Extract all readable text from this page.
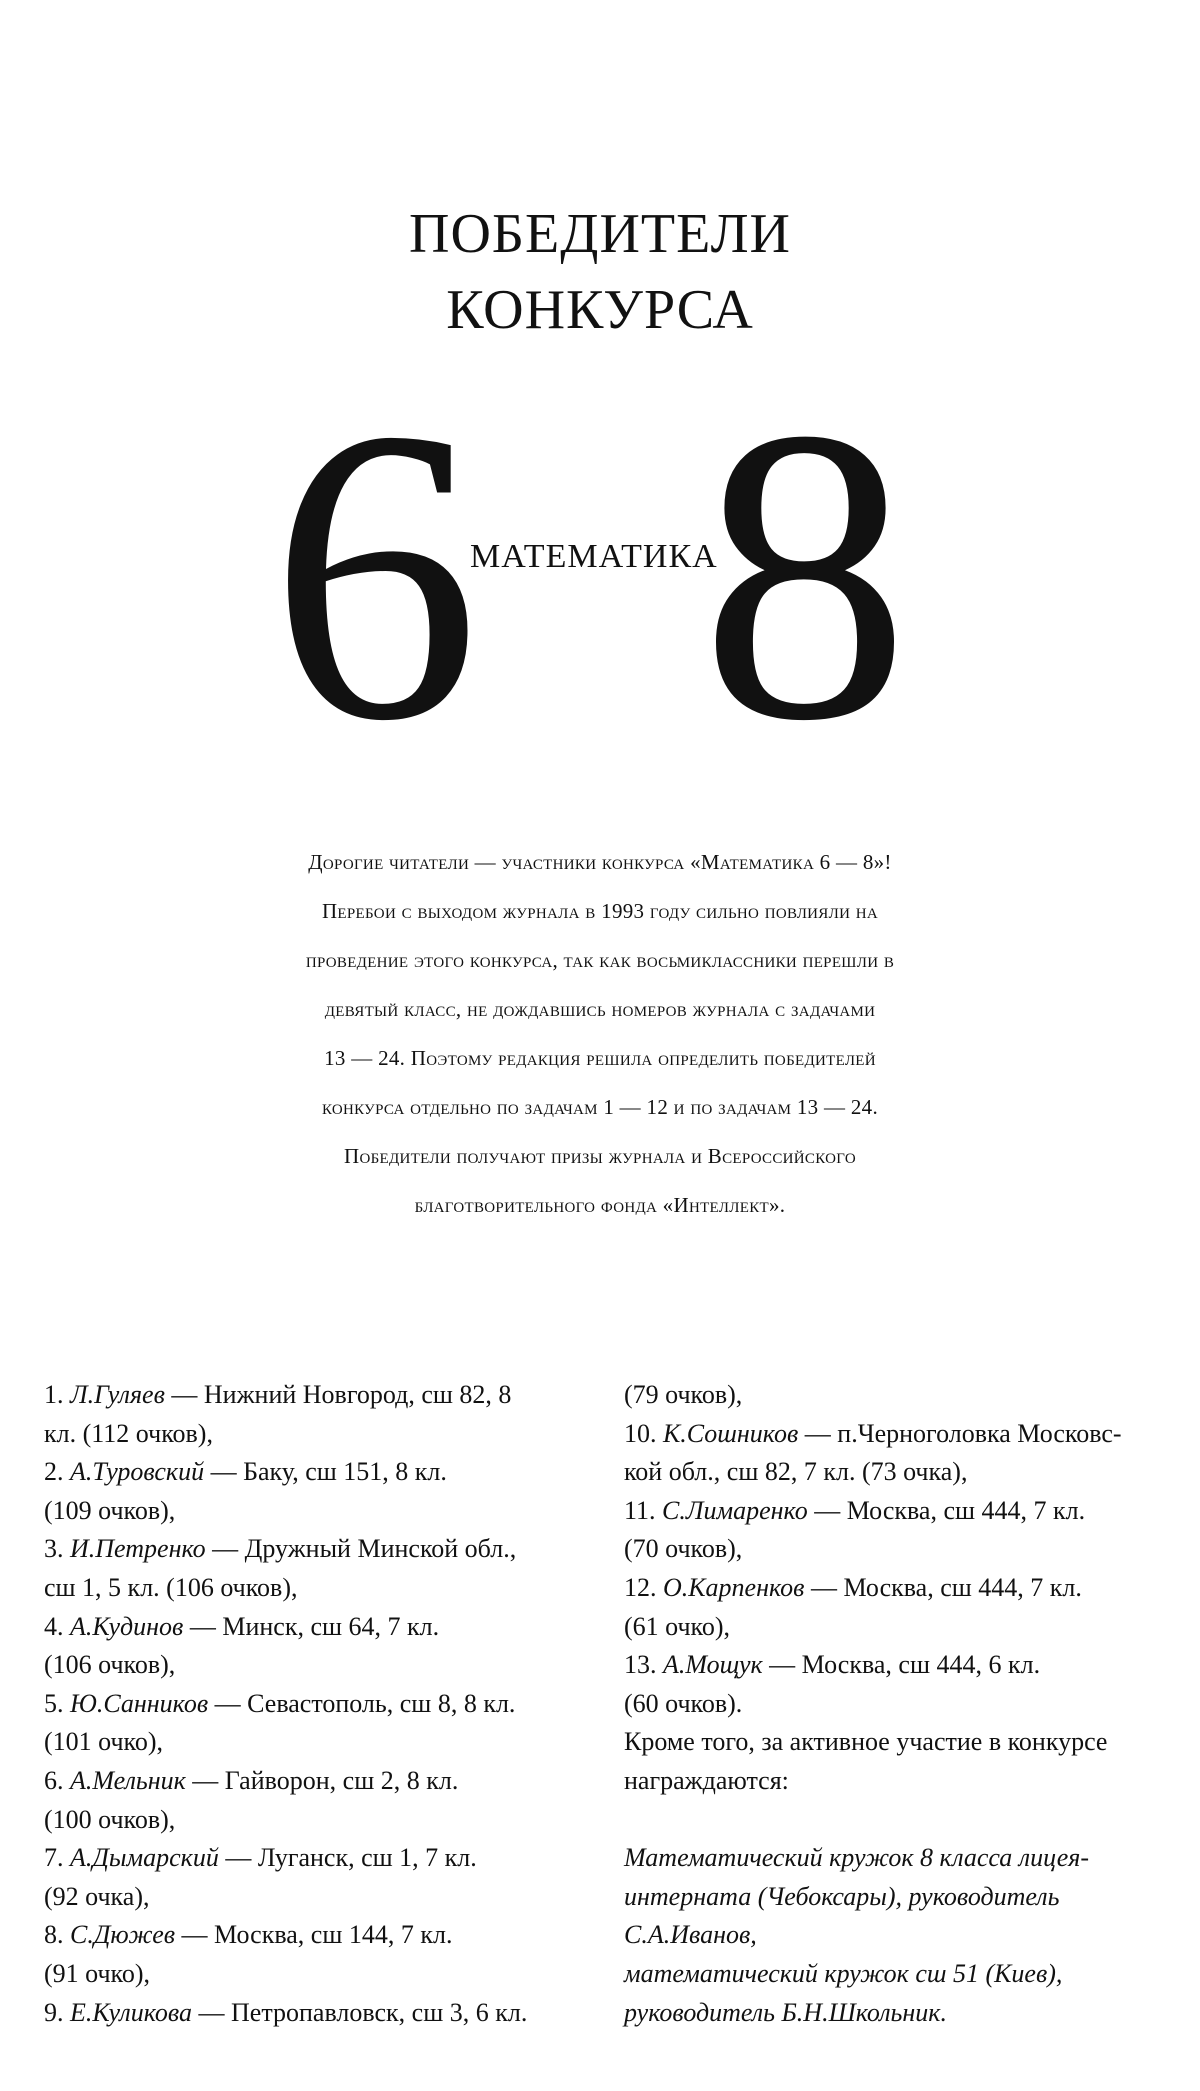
ПОБЕДИТЕЛИ
КОНКУРСА
6
МАТЕМАТИКА
8
Дорогие читатели — участники конкурса «Математика 6 — 8»!
Перебои с выходом журнала в 1993 году сильно повлияли на
проведение этого конкурса, так как восьмиклассники перешли в
девятый класс, не дождавшись номеров журнала с задачами
13 — 24. Поэтому редакция решила определить победителей
конкурса отдельно по задачам 1 — 12 и по задачам 13 — 24.
Победители получают призы журнала и Всероссийского
благотворительного фонда «Интеллект».
1. Л.Гуляев — Нижний Новгород, сш 82, 8
кл. (112 очков),
2. А.Туровский — Баку, сш 151, 8 кл.
(109 очков),
3. И.Петренко — Дружный Минской обл.,
сш 1, 5 кл. (106 очков),
4. А.Кудинов — Минск, сш 64, 7 кл.
(106 очков),
5. Ю.Санников — Севастополь, сш 8, 8 кл.
(101 очко),
6. А.Мельник — Гайворон, сш 2, 8 кл.
(100 очков),
7. А.Дымарский — Луганск, сш 1, 7 кл.
(92 очка),
8. С.Дюжев — Москва, сш 144, 7 кл.
(91 очко),
9. Е.Куликова — Петропавловск, сш 3, 6 кл.
(79 очков),
10. К.Сошников — п.Черноголовка Московс-
кой обл., сш 82, 7 кл. (73 очка),
11. С.Лимаренко — Москва, сш 444, 7 кл.
(70 очков),
12. О.Карпенков — Москва, сш 444, 7 кл.
(61 очко),
13. А.Мощук — Москва, сш 444, 6 кл.
(60 очков).
Кроме того, за активное участие в конкурсе
награждаются:
Математический кружок 8 класса лицея-
интерната (Чебоксары), руководитель
С.А.Иванов,
математический кружок сш 51 (Киев),
руководитель Б.Н.Школьник.
